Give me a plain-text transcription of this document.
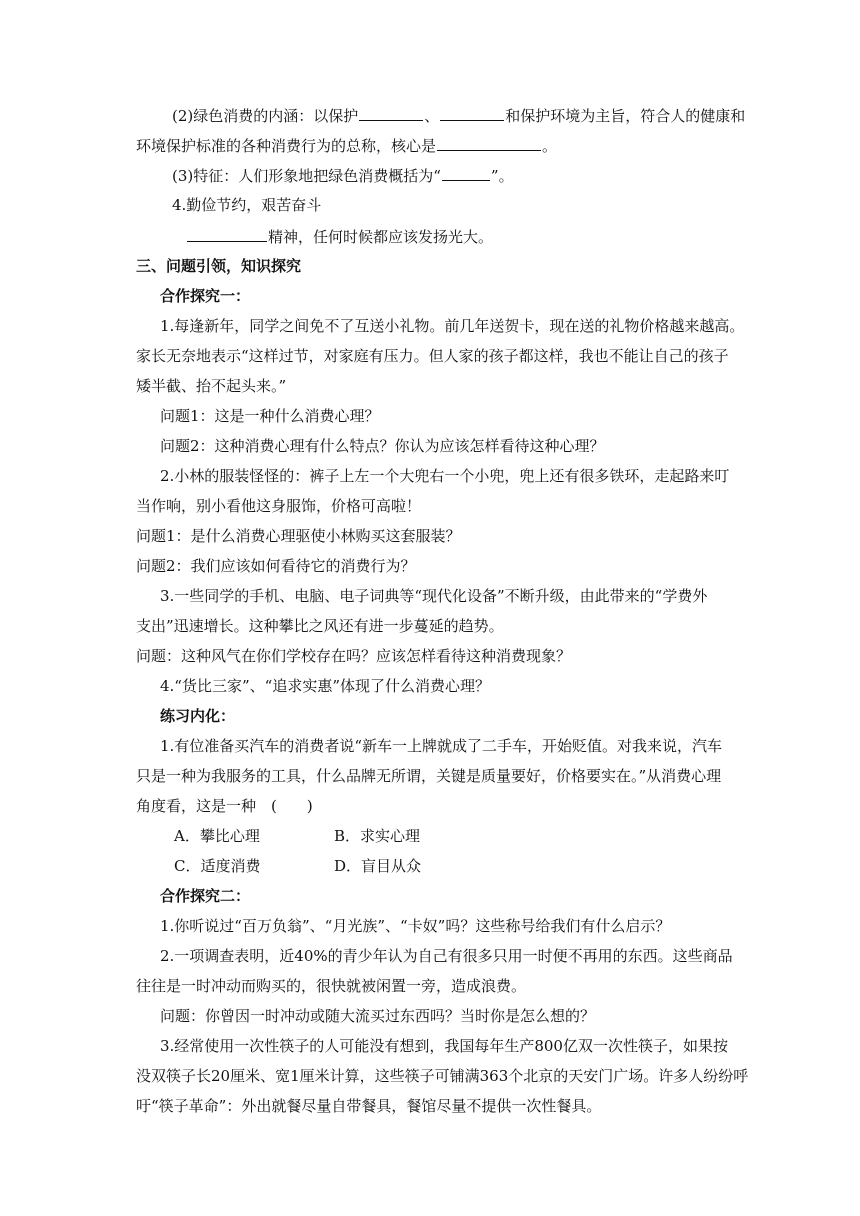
(2)绿色消费的内涵：以保护	、	和保护环境为主旨，符合人的健康和
环境保护标准的各种消费行为的总称，核心是	。
(3)特征：人们形象地把绿色消费概括为“	”。
4.勤俭节约，艰苦奋斗
精神，任何时候都应该发扬光大。
三、问题引领，知识探究
合作探究一：
1.每逢新年，同学之间免不了互送小礼物。前几年送贺卡，现在送的礼物价格越来越高。
家长无奈地表示“这样过节，对家庭有压力。但人家的孩子都这样，我也不能让自己的孩子
矮半截、抬不起头来。”
问题1：这是一种什么消费心理？
问题2：这种消费心理有什么特点？你认为应该怎样看待这种心理？
2.小林的服装怪怪的：裤子上左一个大兜右一个小兜，兜上还有很多铁环，走起路来叮
当作响，别小看他这身服饰，价格可高啦！
问题1：是什么消费心理驱使小林购买这套服装？
问题2：我们应该如何看待它的消费行为？
3.一些同学的手机、电脑、电子词典等“现代化设备”不断升级，由此带来的“学费外
支出”迅速增长。这种攀比之风还有进一步蔓延的趋势。
问题：这种风气在你们学校存在吗？应该怎样看待这种消费现象？
4.“货比三家”、“追求实惠”体现了什么消费心理？
练习内化：
1.有位准备买汽车的消费者说“新车一上牌就成了二手车，开始贬值。对我来说，汽车
只是一种为我服务的工具，什么品牌无所谓，关键是质量要好，价格要实在。”从消费心理
角度看，这是一种　(　　)
A．攀比心理	B．求实心理
C．适度消费	D．盲目从众
合作探究二：
1.你听说过“百万负翁”、“月光族”、“卡奴”吗？这些称号给我们有什么启示？
2.一项调查表明，近40%的青少年认为自己有很多只用一时便不再用的东西。这些商品
往往是一时冲动而购买的，很快就被闲置一旁，造成浪费。
问题：你曾因一时冲动或随大流买过东西吗？当时你是怎么想的？
3.经常使用一次性筷子的人可能没有想到，我国每年生产800亿双一次性筷子，如果按
没双筷子长20厘米、宽1厘米计算，这些筷子可铺满363个北京的天安门广场。许多人纷纷呼
吁“筷子革命”：外出就餐尽量自带餐具，餐馆尽量不提供一次性餐具。
